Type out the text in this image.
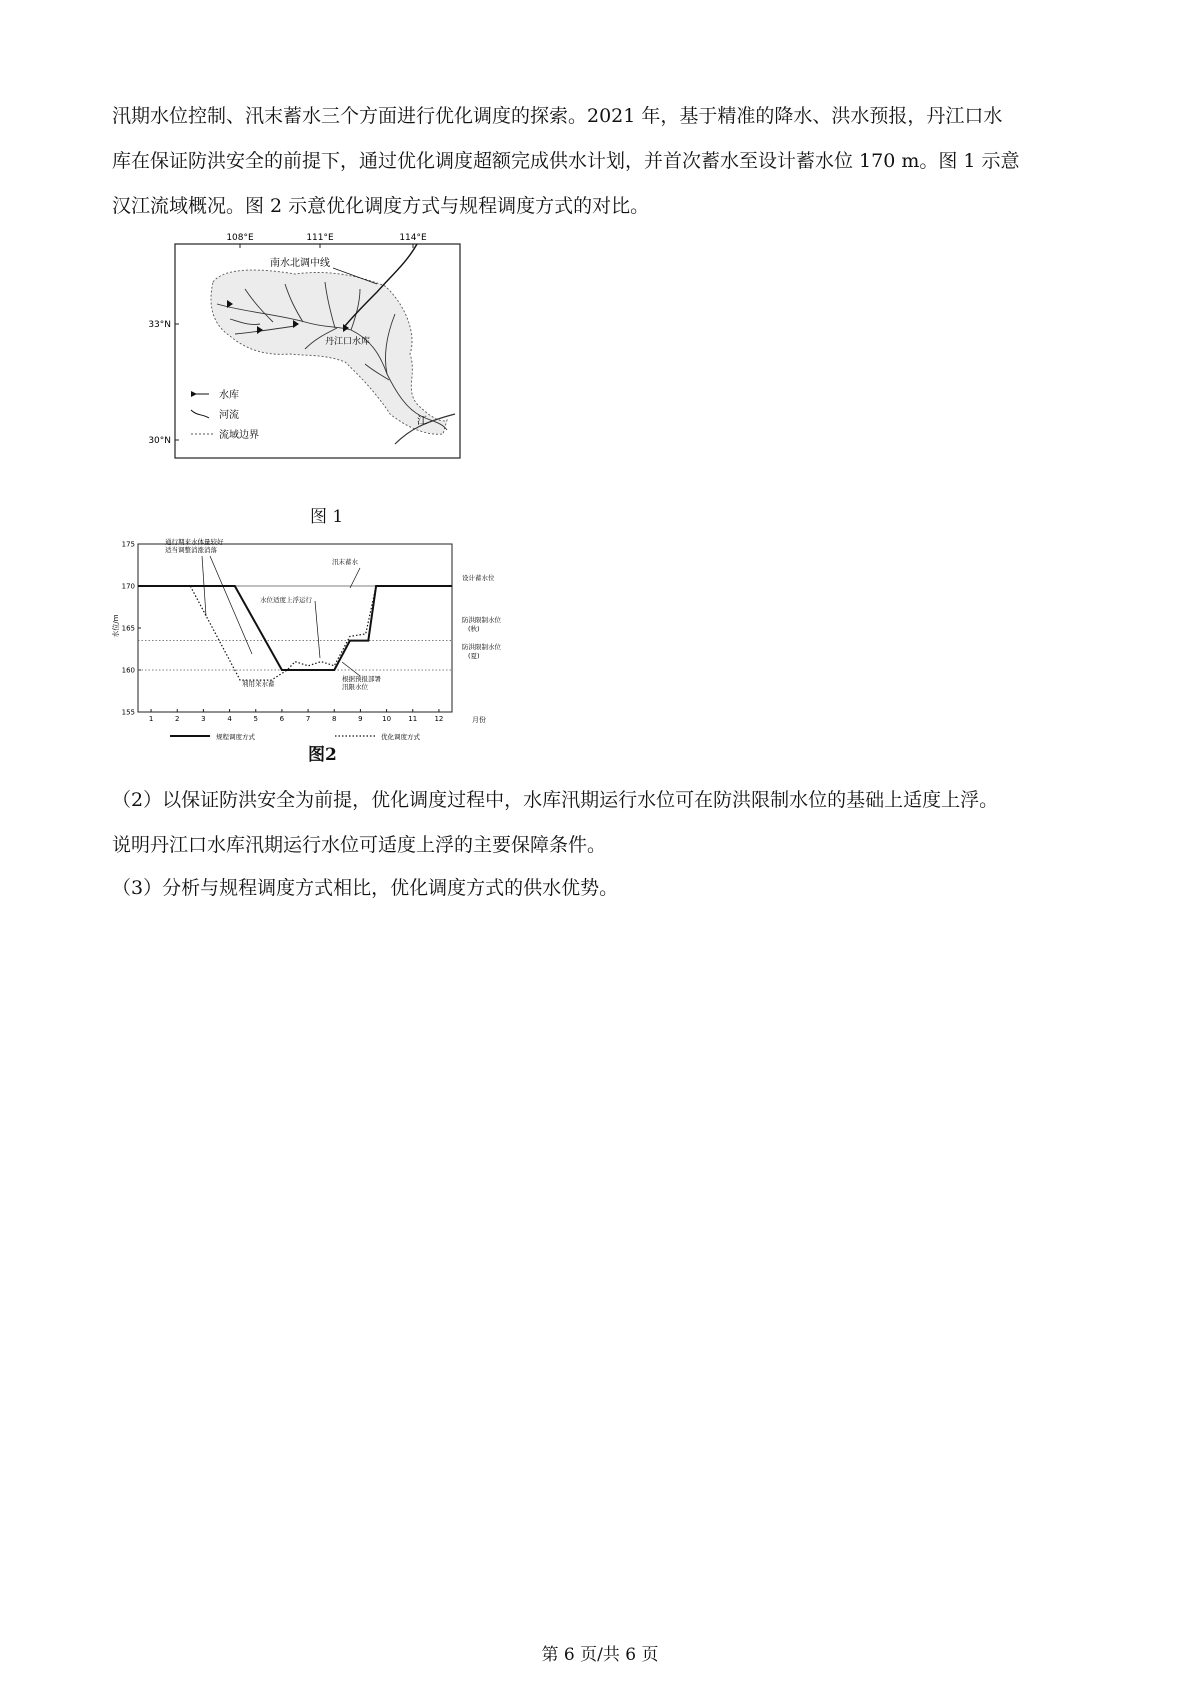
汛期水位控制、汛末蓄水三个方面进行优化调度的探索。2021 年，基于精准的降水、洪水预报，丹江口水
库在保证防洪安全的前提下，通过优化调度超额完成供水计划，并首次蓄水至设计蓄水位 170 m。图 1 示意
汉江流域概况。图 2 示意优化调度方式与规程调度方式的对比。

108°E	111°E	114°E
33°N
30°N
南水北调中线
丹江口水库
江
水库
河流
流域边界
图 1
155
160
165
170
175
1	2	3	4	5	6	7	8	9	10 11 12
水位/m
月份
通行期来水体量较好
适当调整消涨消落
水位适度上浮运行
汛末蓄水
利用来水蓄
根据预报部署
汛限水位
设计蓄水位
防洪限制水位
(秋)
防洪限制水位
(夏)
规程调度方式	优化调度方式
图2

（2）以保证防洪安全为前提，优化调度过程中，水库汛期运行水位可在防洪限制水位的基础上适度上浮。
说明丹江口水库汛期运行水位可适度上浮的主要保障条件。

（3）分析与规程调度方式相比，优化调度方式的供水优势。

第 6 页/共 6 页
